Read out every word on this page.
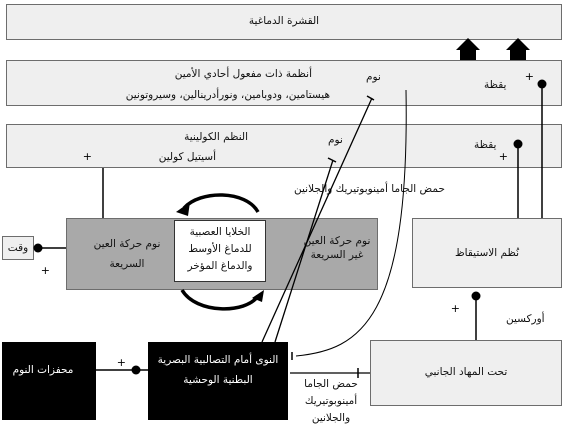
القشرة الدماغية
أنظمة ذات مفعول أحادي الأمين
هيستامين، ودوبامين، ونورأدرينالين، وسيروتونين
نوم
يقظة
النظم الكولينية
أسيتيل كولين
نوم	يقظة
حمض الجاما أمينوبوتيريك والجلانين
نوم حركة العين السريعة
الخلايا العصبية للدماغ الأوسط والدماغ المؤخر
نوم حركة العين غير السريعة
وقت	نُظم الاستيقاظ
أوركسين
تحت المهاد الجانبي
النوى أمام التصالبية البصرية البطنية الوحشية
محفزات النوم
حمض الجاما أمينوبوتيريك والجلانين
+
+
+
+
+
+
